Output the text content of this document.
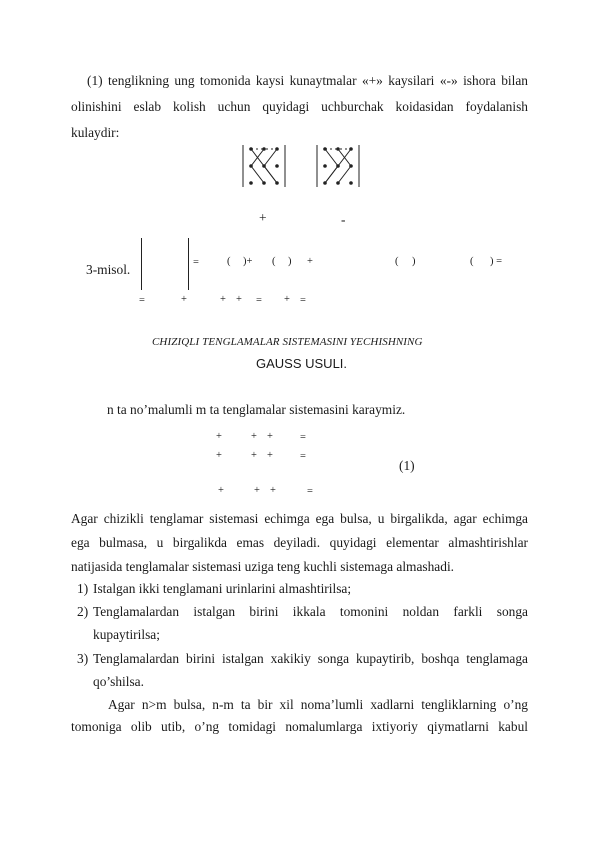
(1) tenglikning ung tomonida kaysi kunaytmalar «+» kaysilari «-» ishora bilan
olinishini eslab kolish uchun quyidagi uchburchak koidasidan foydalanish
kulaydir:
+	-
3-misol.	=	( )+ ( ) +	( )	( ) =
=	+	+ + = + =
CHIZIQLI TENGLAMALAR SISTEMASINI YECHISHNING
GAUSS USULI.
n ta no’malumli m ta tenglamalar sistemasini karaymiz.
+	+ +	=
+	+ +	=
(1)
+	+ +	=
Agar chizikli tenglamar sistemasi echimga ega bulsa, u birgalikda, agar echimga
ega bulmasa, u birgalikda emas deyiladi. quyidagi elementar almashtirishlar
natijasida tenglamalar sistemasi uziga teng kuchli sistemaga almashadi.
1) Istalgan ikki tenglamani urinlarini almashtirilsa;
2) Tenglamalardan istalgan birini ikkala tomonini noldan farkli songa
kupaytirilsa;
3) Tenglamalardan birini istalgan xakikiy songa kupaytirib, boshqa tenglamaga
qo’shilsa.
Agar n>m bulsa, n-m ta bir xil noma’lumli xadlarni tengliklarning o’ng
tomoniga olib utib, o’ng tomidagi nomalumlarga ixtiyoriy qiymatlarni kabul
